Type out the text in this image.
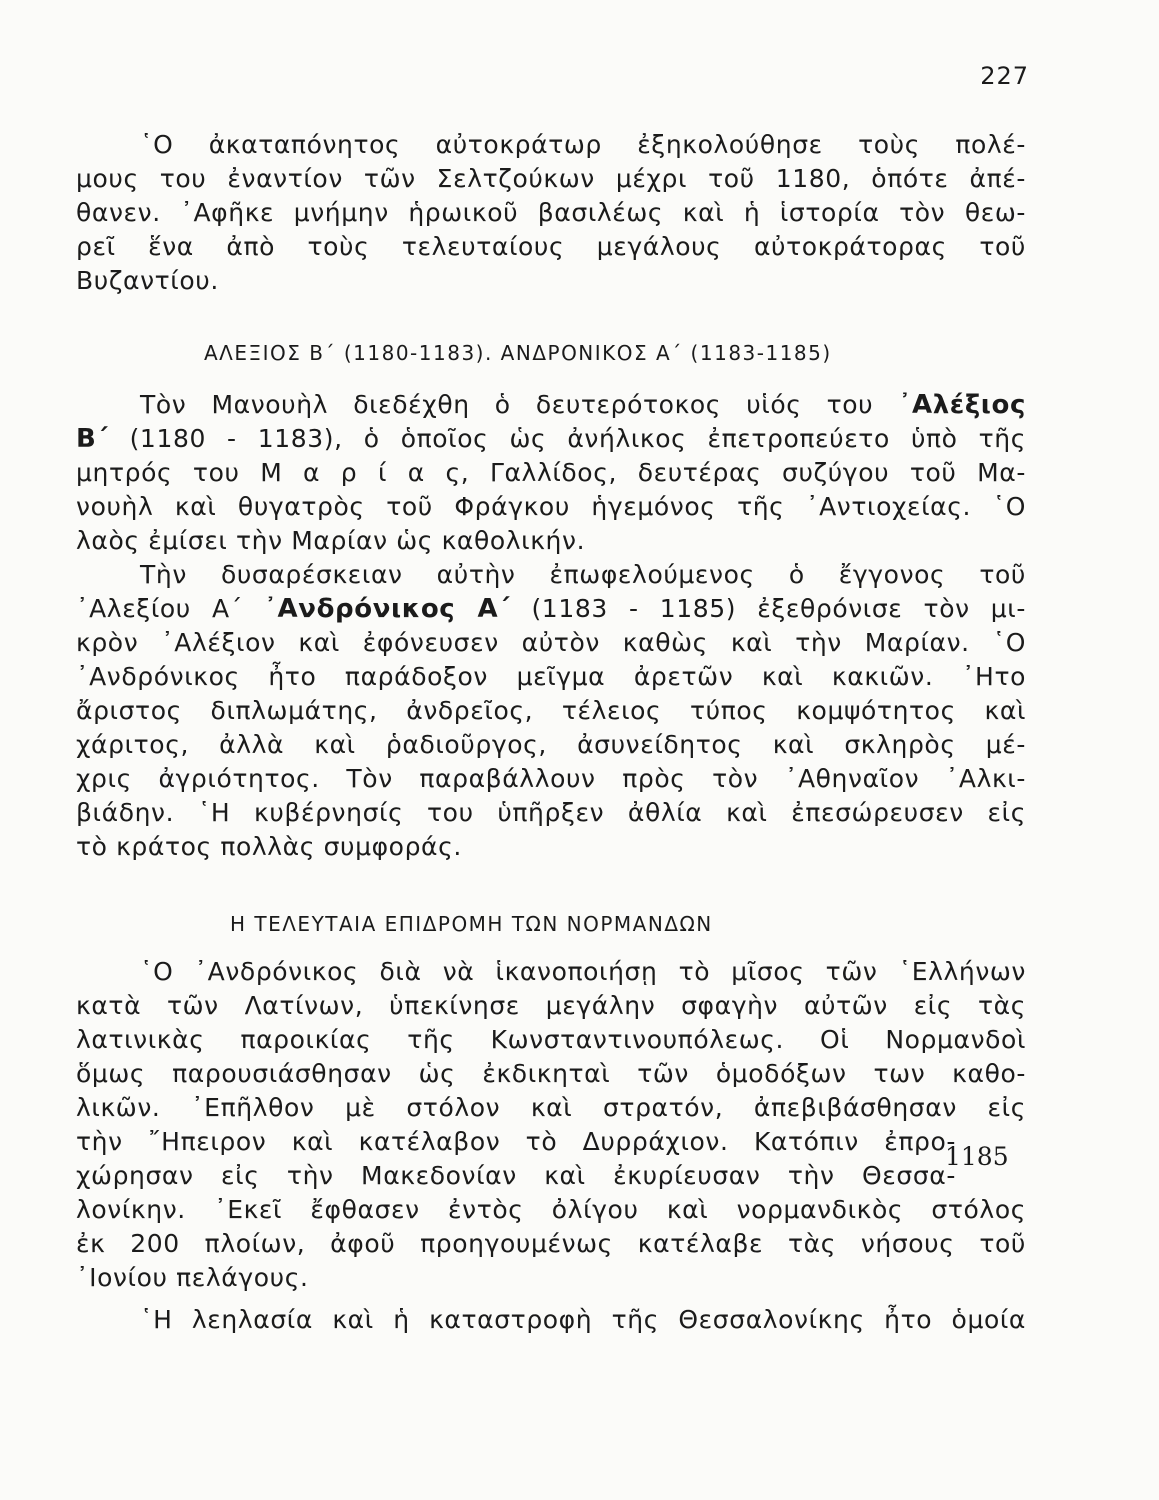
227
῾Ο ἀκαταπόνητος αὐτοκράτωρ ἐξηκολούθησε τοὺς πολέ-
μους του ἐναντίον τῶν Σελτζούκων μέχρι τοῦ 1180, ὁπότε ἀπέ-
θανεν. ᾿Αφῆκε μνήμην ἡρωικοῦ βασιλέως καὶ ἡ ἱστορία τὸν θεω-
ρεῖ ἕνα ἀπὸ τοὺς τελευταίους μεγάλους αὐτοκράτορας τοῦ
Βυζαντίου.
ΑΛΕΞΙΟΣ Β΄ (1180-1183). ΑΝΔΡΟΝΙΚΟΣ Α΄ (1183-1185)
Τὸν Μανουὴλ διεδέχθη ὁ δευτερότοκος υἱός του ᾿Αλέξιος
Β΄ (1180 - 1183), ὁ ὁποῖος ὡς ἀνήλικος ἐπετροπεύετο ὑπὸ τῆς
μητρός του Μ α ρ ί α ς, Γαλλίδος, δευτέρας συζύγου τοῦ Μα-
νουὴλ καὶ θυγατρὸς τοῦ Φράγκου ἡγεμόνος τῆς ᾿Αντιοχείας. ῾Ο
λαὸς ἐμίσει τὴν Μαρίαν ὡς καθολικήν.
Τὴν δυσαρέσκειαν αὐτὴν ἐπωφελούμενος ὁ ἔγγονος τοῦ
᾿Αλεξίου Α΄ ᾿Ανδρόνικος Α΄ (1183 - 1185) ἐξεθρόνισε τὸν μι-
κρὸν ᾿Αλέξιον καὶ ἐφόνευσεν αὐτὸν καθὼς καὶ τὴν Μαρίαν. ῾Ο
᾿Ανδρόνικος ἦτο παράδοξον μεῖγμα ἀρετῶν καὶ κακιῶν. ᾿Ητο
ἄριστος διπλωμάτης, ἀνδρεῖος, τέλειος τύπος κομψότητος καὶ
χάριτος, ἀλλὰ καὶ ῥαδιοῦργος, ἀσυνείδητος καὶ σκληρὸς μέ-
χρις ἀγριότητος. Τὸν παραβάλλουν πρὸς τὸν ᾿Αθηναῖον ᾿Αλκι-
βιάδην. ῾Η κυβέρνησίς του ὑπῆρξεν ἀθλία καὶ ἐπεσώρευσεν εἰς
τὸ κράτος πολλὰς συμφοράς.
Η ΤΕΛΕΥΤΑΙΑ ΕΠΙΔΡΟΜΗ ΤΩΝ ΝΟΡΜΑΝΔΩΝ
῾Ο ᾿Ανδρόνικος διὰ νὰ ἱκανοποιήσῃ τὸ μῖσος τῶν ῾Ελλήνων
κατὰ τῶν Λατίνων, ὑπεκίνησε μεγάλην σφαγὴν αὐτῶν εἰς τὰς
λατινικὰς παροικίας τῆς Κωνσταντινουπόλεως. Οἱ Νορμανδοὶ
ὅμως παρουσιάσθησαν ὡς ἐκδικηταὶ τῶν ὁμοδόξων των καθο-
λικῶν. ᾿Επῆλθον μὲ στόλον καὶ στρατόν, ἀπεβιβάσθησαν εἰς
τὴν ῎Ηπειρον καὶ κατέλαβον τὸ Δυρράχιον. Κατόπιν ἐπρο-
χώρησαν εἰς τὴν Μακεδονίαν καὶ ἐκυρίευσαν τὴν Θεσσα-
λονίκην. ᾿Εκεῖ ἔφθασεν ἐντὸς ὀλίγου καὶ νορμανδικὸς στόλος
ἐκ 200 πλοίων, ἀφοῦ προηγουμένως κατέλαβε τὰς νήσους τοῦ
᾿Ιονίου πελάγους.
῾Η λεηλασία καὶ ἡ καταστροφὴ τῆς Θεσσαλονίκης ἦτο ὁμοία
1185
